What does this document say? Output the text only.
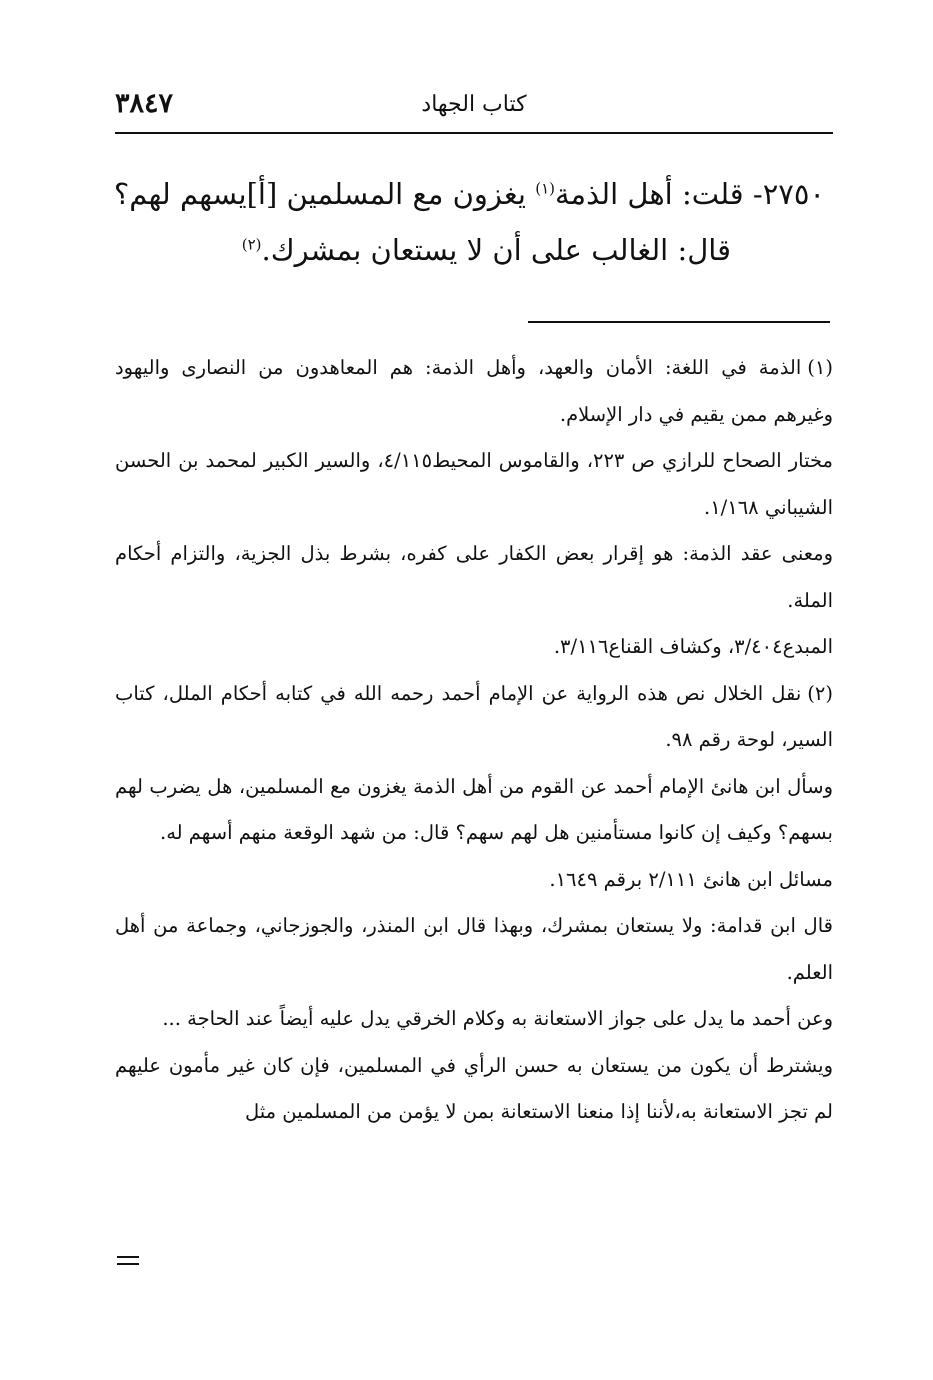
٣٨٤٧	كتاب الجهاد
٢٧٥٠- قلت: أهل الذمة$^{(١)}$ يغزون مع المسلمين [أ]يسهم لهم؟
قال: الغالب على أن لا يستعان بمشرك.$^{(٢)}$

(١)الذمة في اللغة: الأمان والعهد، وأهل الذمة: هم المعاهدون من النصارى واليهود وغيرهم ممن يقيم في دار الإسلام.

مختار الصحاح للرازي ص ٢٢٣، والقاموس المحيط٤/١١٥، والسير الكبير لمحمد بن الحسن الشيباني ١/١٦٨.

ومعنى عقد الذمة: هو إقرار بعض الكفار على كفره، بشرط بذل الجزية، والتزام أحكام الملة.

المبدع٣/٤٠٤، وكشاف القناع٣/١١٦.

(٢)نقل الخلال نص هذه الرواية عن الإمام أحمد رحمه الله في كتابه أحكام الملل، كتاب السير، لوحة رقم ٩٨.

وسأل ابن هانئ الإمام أحمد عن القوم من أهل الذمة يغزون مع المسلمين، هل يضرب لهم بسهم؟ وكيف إن كانوا مستأمنين هل لهم سهم؟ قال: من شهد الوقعة منهم أسهم له.

مسائل ابن هانئ ٢/١١١ برقم ١٦٤٩.

قال ابن قدامة: ولا يستعان بمشرك، وبهذا قال ابن المنذر، والجوزجاني، وجماعة من أهل العلم.

وعن أحمد ما يدل على جواز الاستعانة به وكلام الخرقي يدل عليه أيضاً عند الحاجة ...

ويشترط أن يكون من يستعان به حسن الرأي في المسلمين، فإن كان غير مأمون عليهم لم تجز الاستعانة به،لأننا إذا منعنا الاستعانة بمن لا يؤمن من المسلمين مثل
